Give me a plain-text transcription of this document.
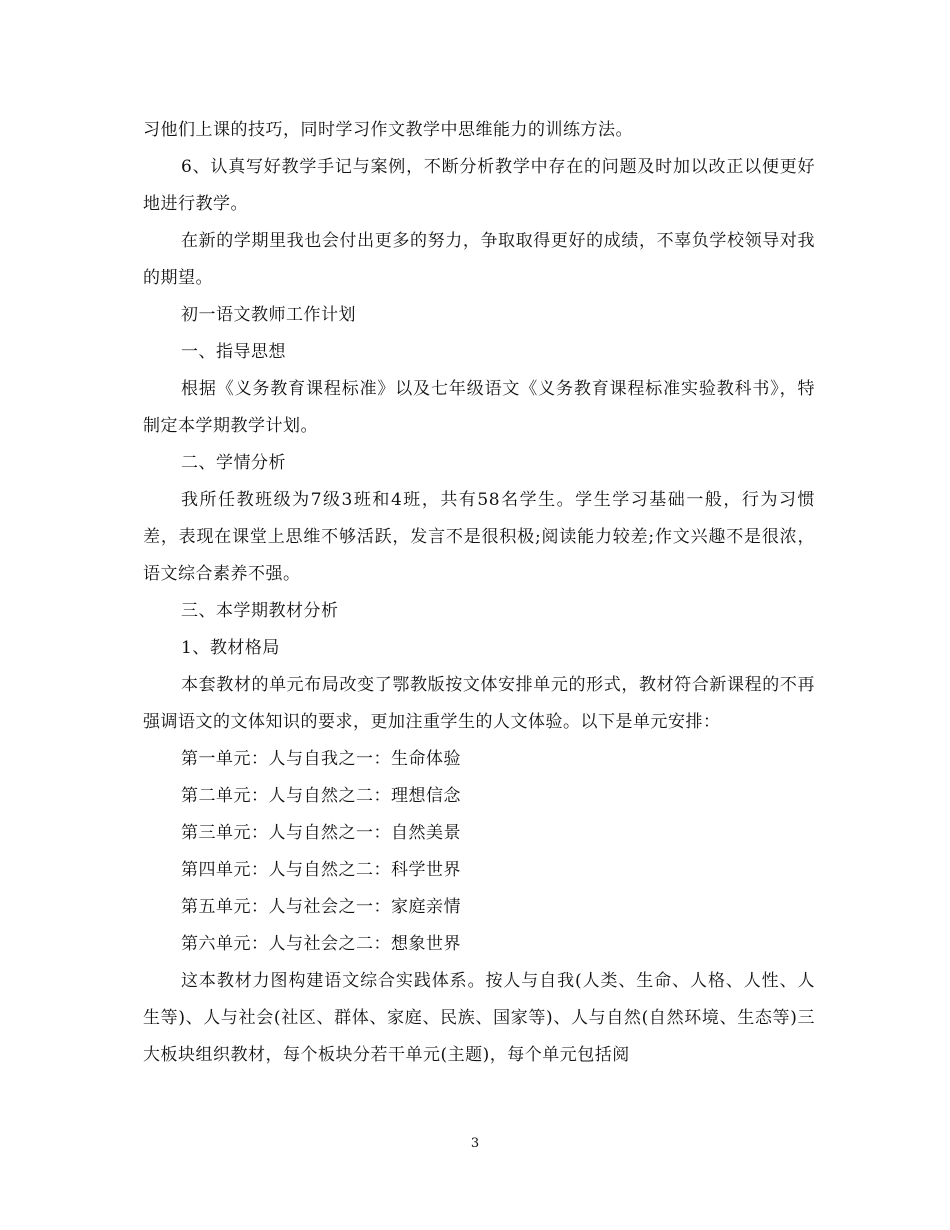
习他们上课的技巧，同时学习作文教学中思维能力的训练方法。

6、认真写好教学手记与案例，不断分析教学中存在的问题及时加以改正以便更好地进行教学。

在新的学期里我也会付出更多的努力，争取取得更好的成绩，不辜负学校领导对我的期望。

初一语文教师工作计划

一、指导思想

根据《义务教育课程标准》以及七年级语文《义务教育课程标准实验教科书》，特制定本学期教学计划。

二、学情分析

我所任教班级为7级3班和4班，共有58名学生。学生学习基础一般，行为习惯差，表现在课堂上思维不够活跃，发言不是很积极;阅读能力较差;作文兴趣不是很浓，语文综合素养不强。

三、本学期教材分析

1、教材格局

本套教材的单元布局改变了鄂教版按文体安排单元的形式，教材符合新课程的不再强调语文的文体知识的要求，更加注重学生的人文体验。以下是单元安排：

第一单元：人与自我之一：生命体验

第二单元：人与自然之二：理想信念

第三单元：人与自然之一：自然美景

第四单元：人与自然之二：科学世界

第五单元：人与社会之一：家庭亲情

第六单元：人与社会之二：想象世界

这本教材力图构建语文综合实践体系。按人与自我(人类、生命、人格、人性、人生等)、人与社会(社区、群体、家庭、民族、国家等)、人与自然(自然环境、生态等)三大板块组织教材，每个板块分若干单元(主题)，每个单元包括阅

3
